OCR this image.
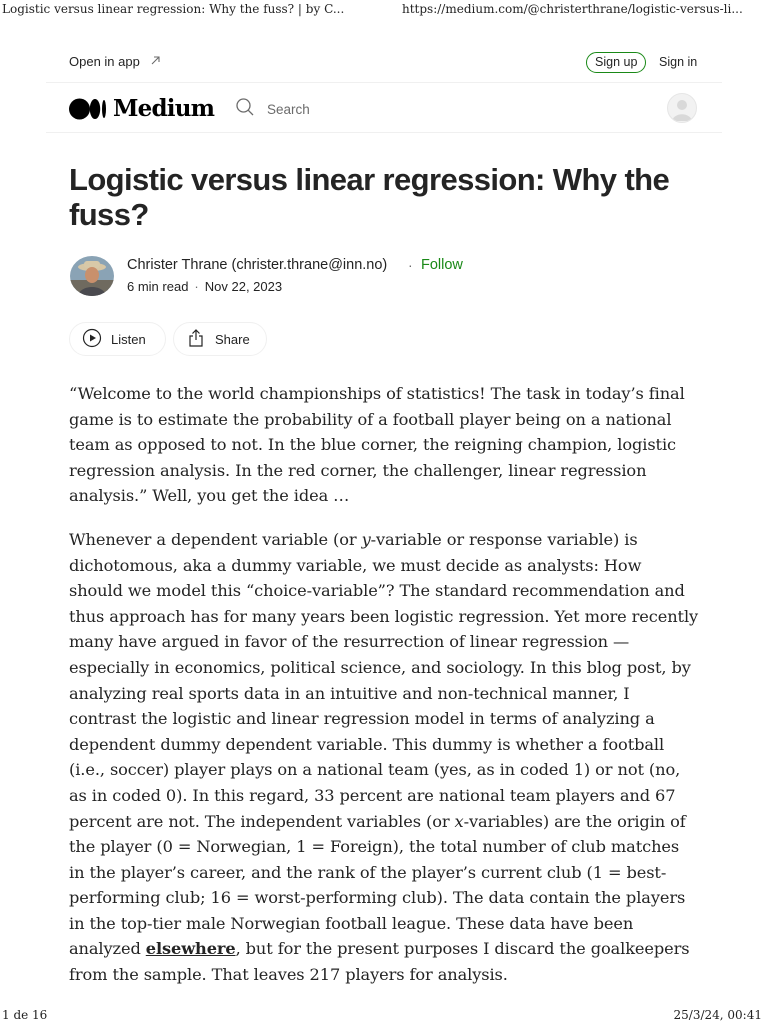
Logistic versus linear regression: Why the fuss? | by C...	https://medium.com/@christerthrane/logistic-versus-li...
Open in app	Sign up	Sign in
Medium	Search
Logistic versus linear regression: Why the fuss?
Christer Thrane (christer.thrane@inn.no) · Follow
6 min read · Nov 22, 2023
Listen	Share

“Welcome to the world championships of statistics! The task in today’s final game is to estimate the probability of a football player being on a national team as opposed to not. In the blue corner, the reigning champion, logistic regression analysis. In the red corner, the challenger, linear regression analysis.” Well, you get the idea …

Whenever a dependent variable (or y-variable or response variable) is dichotomous, aka a dummy variable, we must decide as analysts: How should we model this “choice-variable”? The standard recommendation and thus approach has for many years been logistic regression. Yet more recently many have argued in favor of the resurrection of linear regression — especially in economics, political science, and sociology. In this blog post, by analyzing real sports data in an intuitive and non-technical manner, I contrast the logistic and linear regression model in terms of analyzing a dependent dummy dependent variable. This dummy is whether a football (i.e., soccer) player plays on a national team (yes, as in coded 1) or not (no, as in coded 0). In this regard, 33 percent are national team players and 67 percent are not. The independent variables (or x-variables) are the origin of the player (0 = Norwegian, 1 = Foreign), the total number of club matches in the player’s career, and the rank of the player’s current club (1 = best-performing club; 16 = worst-performing club). The data contain the players in the top-tier male Norwegian football league. These data have been analyzed elsewhere, but for the present purposes I discard the goalkeepers from the sample. That leaves 217 players for analysis.

1 de 16	25/3/24, 00:41
